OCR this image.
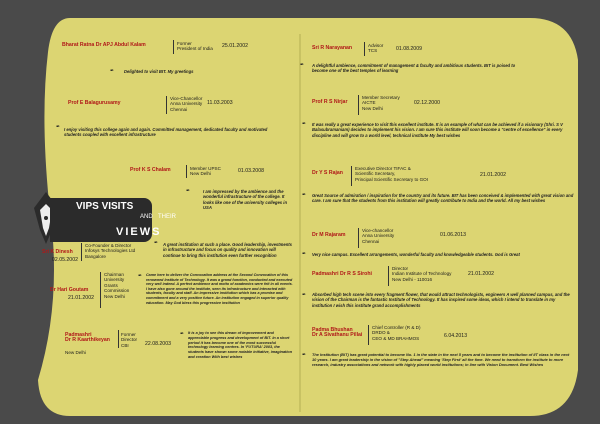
Bharat Ratna Dr APJ Abdul Kalam	Former
President of India 25.01.2002
✒ Delighted to visit BIT. My greetings
Prof E Balagurusamy
Vice-Chancellor
Anna University
Chennai
11.03.2003
✒ I enjoy visiting this college again and again. Committed management, dedicated faculty and motivated students coupled with excellent infrastructure
Prof K S Chalam	Member UPSC
New Delhi	01.03.2008
✒	I am impressed by the ambience and the wonderful infrastructure of the college. It looks like one of the university colleges in USA
VIPS VISITS
AND THEIR
VIEWS
Sri K Dinesh
Co-Founder & Director
Infosys Technologies Ltd
Bangalore
02.05.2002
✒ A great institution at such a place. Good leadership, investments in infrastructure and focus on quality and innovation will continue to bring this institution even further recognition
Dr Hari Goutam
21.01.2002
Chairman
University
Grants
Commission
New Delhi
✒ Came here to deliver the Convocation address at the Second Convocation of this renowned Institute of Technology. It was a grand function, conducted and executed very well indeed. A perfect ambience and motto of academics were felt in all events. I have also gone around the institute, seen its infrastructure and interacted with students, faculty and staff. An impressive institution which has a promise and commitment and a very positive future. An institution engaged in superior quality education. May God bless this progressive institution
Padmashri
Dr R Kaarthikeyan
New Delhi
Former
Director
CBI	22.08.2003
✒ It is a joy to see this dream of improvement and appreciable progress and development of BIT. In a short period it has become one of the most successful technology learning centres. In 'FUTURA' 2003, the students have shown some notable initiative, imagination and creation With best wishes
Sri R Narayanan	Advisor
TCS	01.08.2009
✒ A delightful ambience, commitment of management & faculty and ambitious students. BIT is poised to become one of the best temples of learning
Prof R S Nirjar
Member Secretary
AICTE
New Delhi
02.12.2000
✒ It was really a great experience to visit this excellent institute. It is an example of what can be achieved if a visionary (Shri. S V Balasubramaniam) decides to implement his vision. I am sure this institute will soon become a "centre of excellence" in every discipline and will grow to a world level, technical institute My best wishes
Dr Y S Rajan
Executive Director TIFAC &
Scientific Secretary,
Principal Scientific Secretary to GOI
21.01.2002
✒ Great Source of admiration / inspiration for the country and its future. BIT has been conceived & implemented with great vision and care. I am sure that the students from this institution will greatly contribute to India and the world. All my best wishes
Dr M Rajaram
Vice-chancellor
Anna University
Chennai
01.06.2013
✒ Very nice campus. Excellent arrangements, wonderful faculty and knowledgeable students. God is Great
Padmashri Dr R S Sirohi
Director
Indian Institute of Technology
New Delhi - 110016
21.01.2002
✒ Absorbed high tech scene into every fragment flower, that would attract technologists, engineers A well planned campus, and the vision of the Chairman is the fantastic Institute of Technology. It has inspired some ideas, which I intend to translate in my institution I wish this institute grand accomplishments
Padma Bhushan
Dr A Sivathanu Pillai
Chief Controller (R & D)
DRDO &
CEO & MD BRAHMOS	6.04.2013
✒ The Institution (BIT) has great potential to become No. 1 in the state in the next 5 years and to become the institution of IIT class in the next 10 years. I am great leadership in the vision of "Step Ahead" meaning 'Step First' all the time. We need to transform the institute to more research, industry associations and network with highly placed world institutions; in line with Vision Document. Best Wishes
